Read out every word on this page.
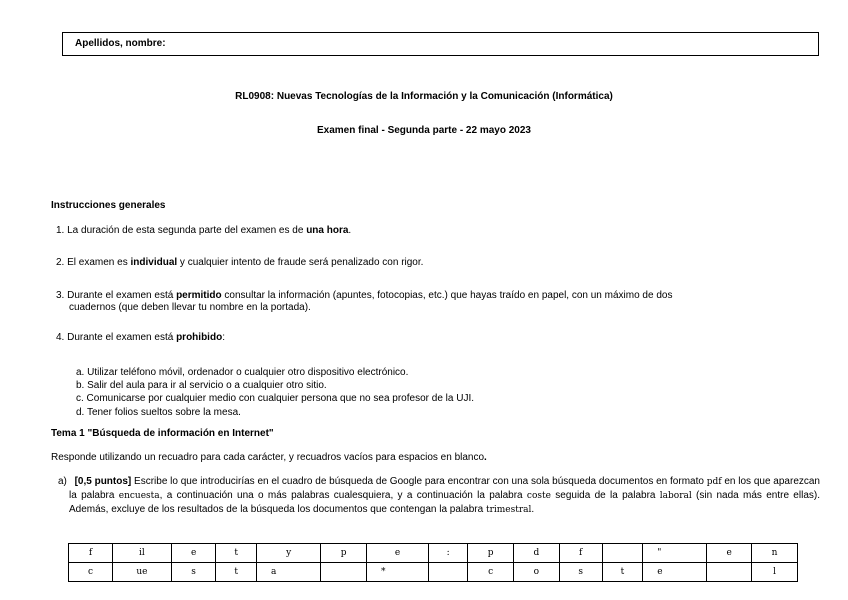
Apellidos, nombre:
RL0908: Nuevas Tecnologías de la Información y la Comunicación (Informática)
Examen final - Segunda parte - 22 mayo 2023
Instrucciones generales
1. La duración de esta segunda parte del examen es de una hora.
2. El examen es individual y cualquier intento de fraude será penalizado con rigor.
3. Durante el examen está permitido consultar la información (apuntes, fotocopias, etc.) que hayas traído en papel, con un máximo de dos
cuadernos (que deben llevar tu nombre en la portada).
4. Durante el examen está prohibido:
a. Utilizar teléfono móvil, ordenador o cualquier otro dispositivo electrónico.
b. Salir del aula para ir al servicio o a cualquier otro sitio.
c. Comunicarse por cualquier medio con cualquier persona que no sea profesor de la UJI.
d. Tener folios sueltos sobre la mesa.
Tema 1 "Búsqueda de información en Internet"
Responde utilizando un recuadro para cada carácter, y recuadros vacíos para espacios en blanco.
a) [0,5 puntos] Escribe lo que introducirías en el cuadro de búsqueda de Google para encontrar con una sola búsqueda documentos en formato pdf en los que aparezcan la palabra encuesta, a continuación una o más palabras cualesquiera, y a continuación la palabra coste seguida de la palabra laboral (sin nada más entre ellas). Además, excluye de los resultados de la búsqueda los documentos que contengan la palabra trimestral.
f	il	e	t	y	p	e	:	p	d	f		"	e	n
c	ue	s	t	a		*		c	o	s	t	e		l
